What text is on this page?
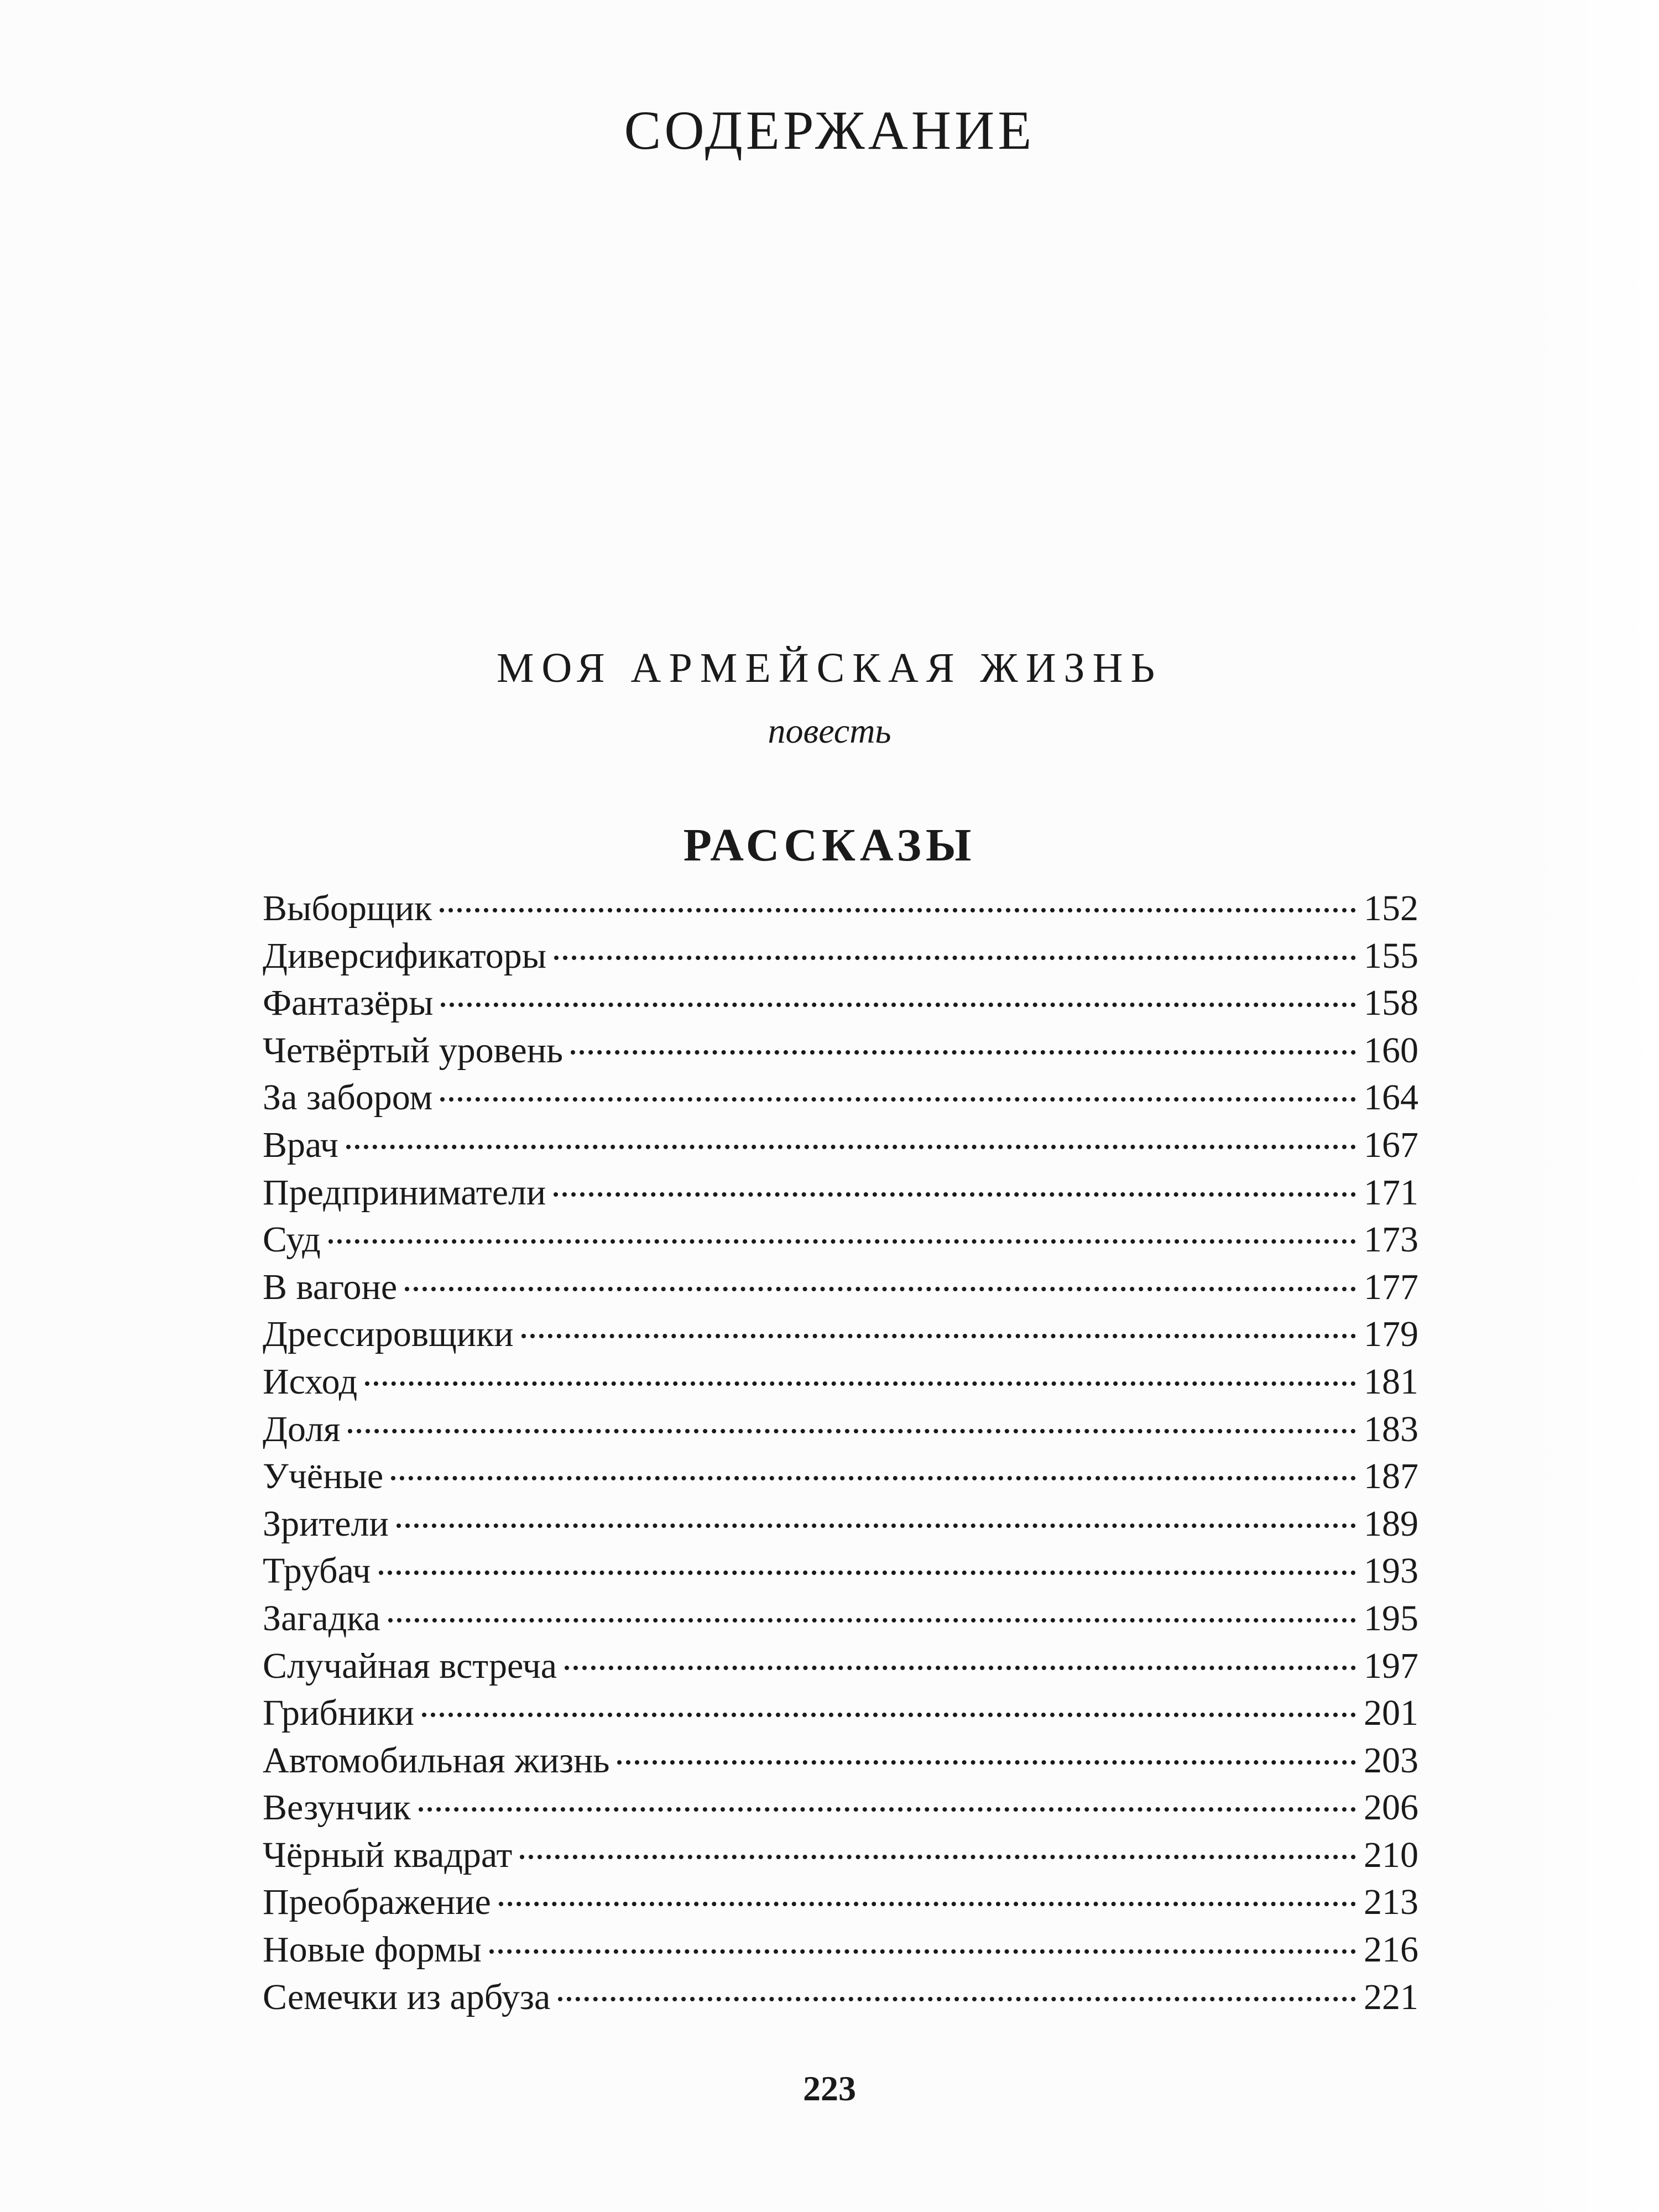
СОДЕРЖАНИЕ
МОЯ АРМЕЙСКАЯ ЖИЗНЬ
повесть
РАССКАЗЫ
Выборщик	152
Диверсификаторы	155
Фантазёры	158
Четвёртый уровень	160
За забором	164
Врач	167
Предприниматели	171
Суд	173
В вагоне	177
Дрессировщики	179
Исход	181
Доля	183
Учёные	187
Зрители	189
Трубач	193
Загадка	195
Случайная встреча	197
Грибники	201
Автомобильная жизнь	203
Везунчик	206
Чёрный квадрат	210
Преображение	213
Новые формы	216
Семечки из арбуза	221
223
